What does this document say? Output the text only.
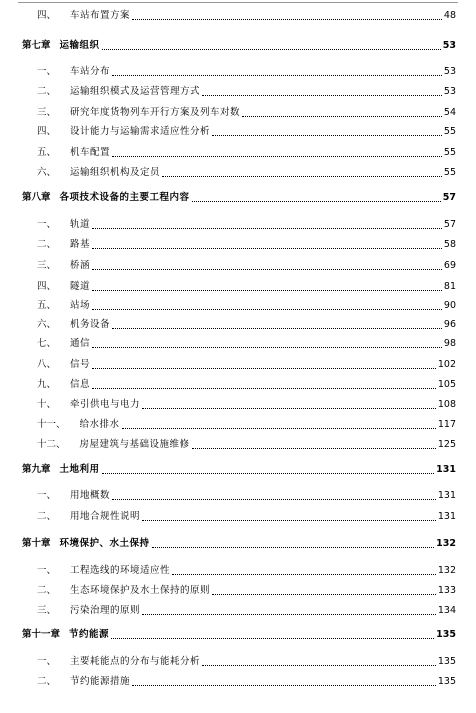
四、 车站布置方案	48
第七章 运输组织	53
一、 车站分布	53
二、 运输组织模式及运营管理方式	53
三、 研究年度货物列车开行方案及列车对数	54
四、 设计能力与运输需求适应性分析	55
五、 机车配置	55
六、 运输组织机构及定员	55
第八章 各项技术设备的主要工程内容	57
一、 轨道	57
二、 路基	58
三、 桥涵	69
四、 隧道	81
五、 站场	90
六、 机务设备	96
七、 通信	98
八、 信号	102
九、 信息	105
十、 牵引供电与电力	108
十一、 给水排水	117
十二、 房屋建筑与基础设施维修	125
第九章 土地利用	131
一、 用地概数	131
二、 用地合规性说明	131
第十章 环境保护、水土保持	132
一、 工程选线的环境适应性	132
二、 生态环境保护及水土保持的原则	133
三、 污染治理的原则	134
第十一章 节约能源	135
一、 主要耗能点的分布与能耗分析	135
二、 节约能源措施	135
